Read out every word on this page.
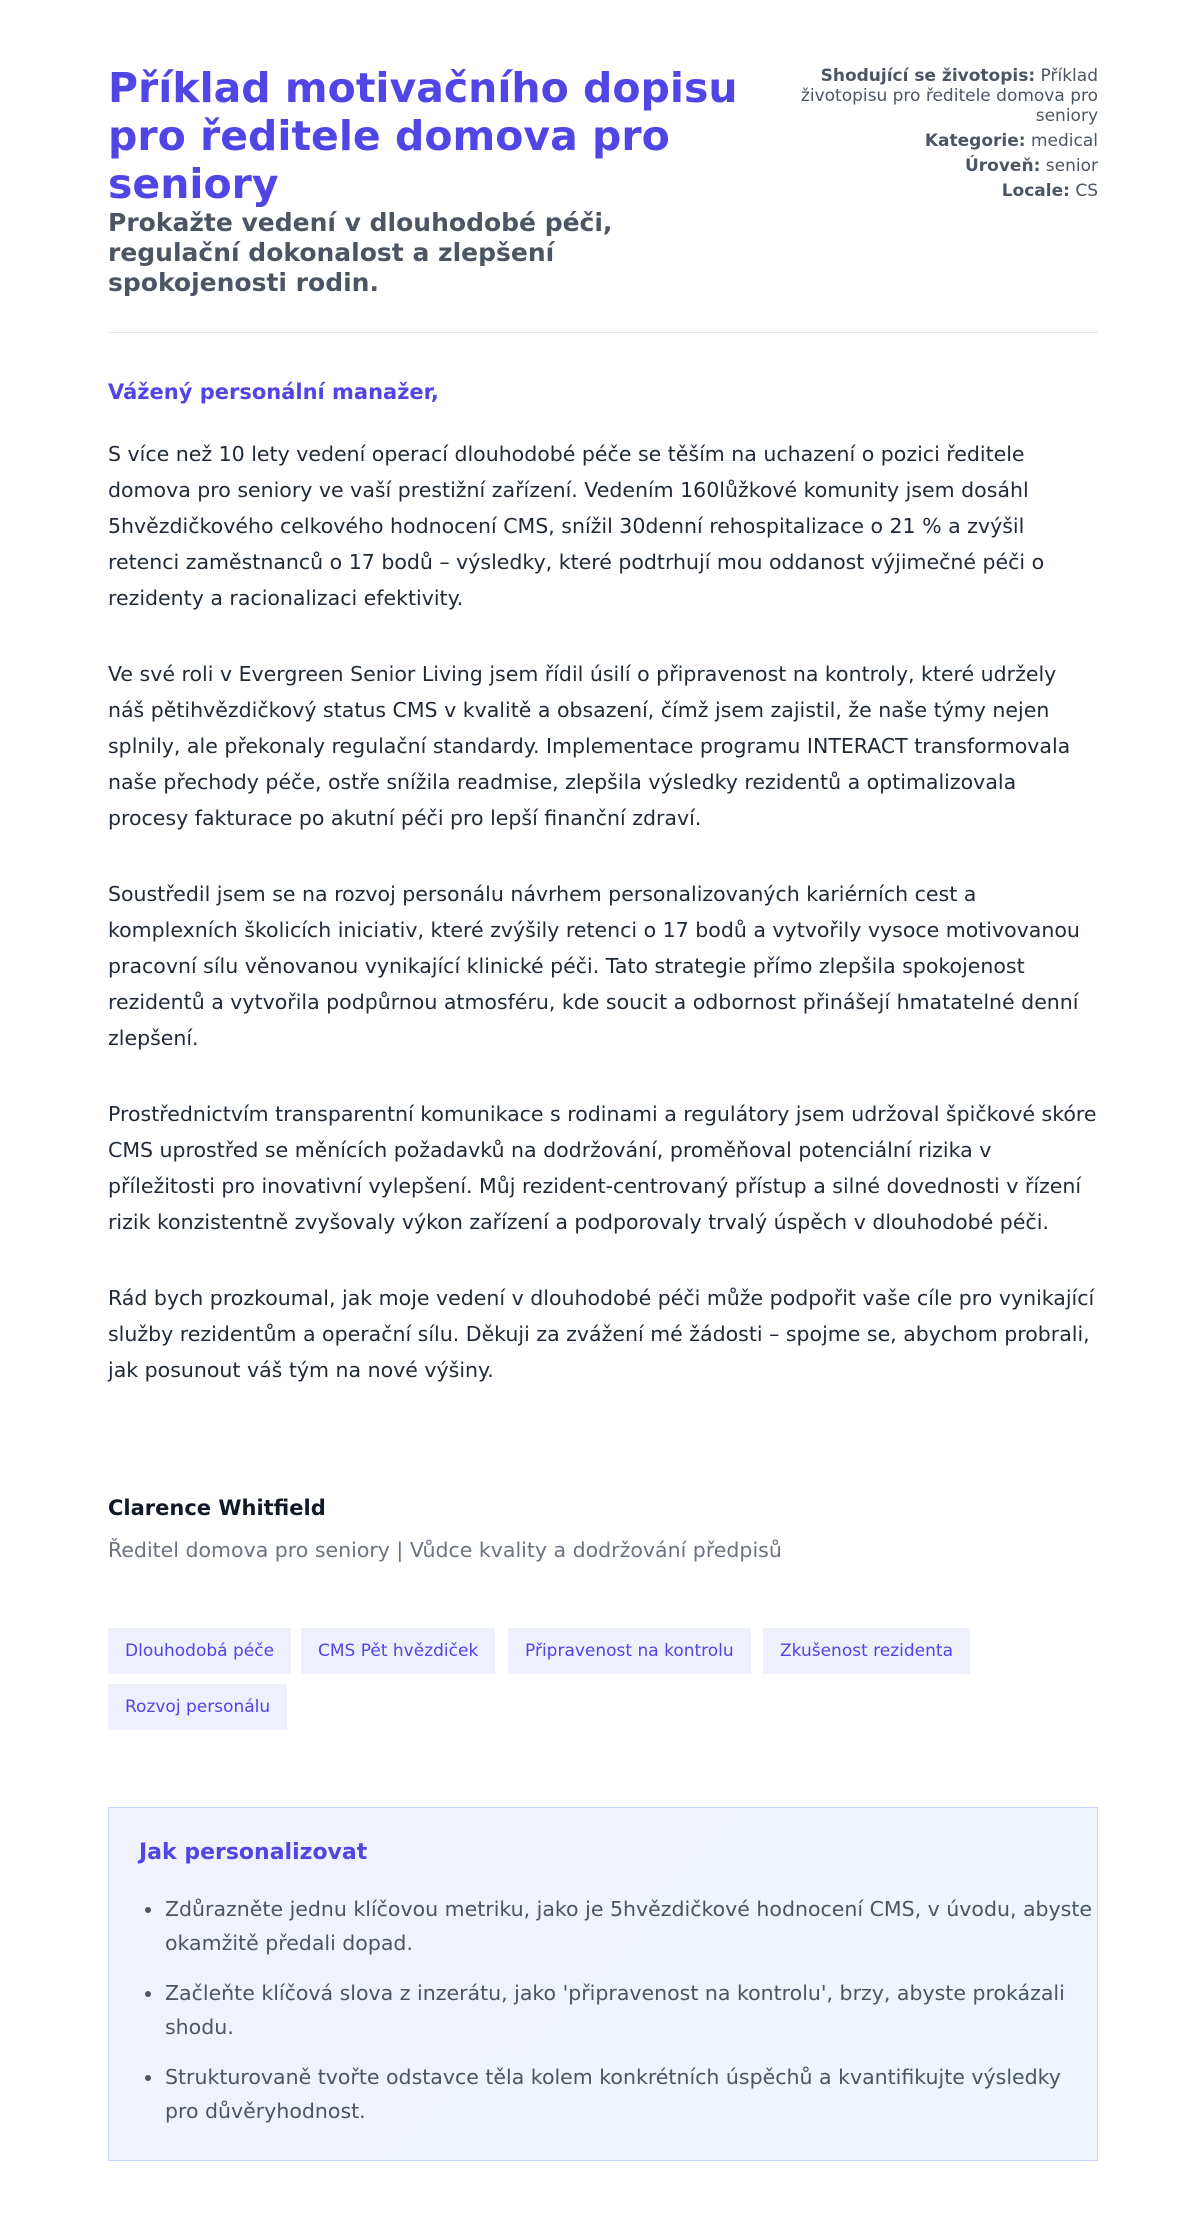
Příklad motivačního dopisu pro ředitele domova pro seniory
Prokažte vedení v dlouhodobé péči, regulační dokonalost a zlepšení spokojenosti rodin.
Shodující se životopis: Příklad životopisu pro ředitele domova pro seniory
Kategorie: medical
Úroveň: senior
Locale: CS

Vážený personální manažer,

S více než 10 lety vedení operací dlouhodobé péče se těším na uchazení o pozici ředitele domova pro seniory ve vaší prestižní zařízení. Vedením 160lůžkové komunity jsem dosáhl 5hvězdičkového celkového hodnocení CMS, snížil 30denní rehospitalizace o 21 % a zvýšil retenci zaměstnanců o 17 bodů – výsledky, které podtrhují mou oddanost výjimečné péči o rezidenty a racionalizaci efektivity.

Ve své roli v Evergreen Senior Living jsem řídil úsilí o připravenost na kontroly, které udržely náš pětihvězdičkový status CMS v kvalitě a obsazení, čímž jsem zajistil, že naše týmy nejen splnily, ale překonaly regulační standardy. Implementace programu INTERACT transformovala naše přechody péče, ostře snížila readmise, zlepšila výsledky rezidentů a optimalizovala procesy fakturace po akutní péči pro lepší finanční zdraví.

Soustředil jsem se na rozvoj personálu návrhem personalizovaných kariérních cest a komplexních školicích iniciativ, které zvýšily retenci o 17 bodů a vytvořily vysoce motivovanou pracovní sílu věnovanou vynikající klinické péči. Tato strategie přímo zlepšila spokojenost rezidentů a vytvořila podpůrnou atmosféru, kde soucit a odbornost přinášejí hmatatelné denní zlepšení.

Prostřednictvím transparentní komunikace s rodinami a regulátory jsem udržoval špičkové skóre CMS uprostřed se měnících požadavků na dodržování, proměňoval potenciální rizika v příležitosti pro inovativní vylepšení. Můj rezident-centrovaný přístup a silné dovednosti v řízení rizik konzistentně zvyšovaly výkon zařízení a podporovaly trvalý úspěch v dlouhodobé péči.

Rád bych prozkoumal, jak moje vedení v dlouhodobé péči může podpořit vaše cíle pro vynikající služby rezidentům a operační sílu. Děkuji za zvážení mé žádosti – spojme se, abychom probrali, jak posunout váš tým na nové výšiny.

Clarence Whitfield
Ředitel domova pro seniory | Vůdce kvality a dodržování předpisů
Dlouhodobá péče	CMS Pět hvězdiček	Připravenost na kontrolu	Zkušenost rezidenta
Rozvoj personálu
Jak personalizovat
Zdůrazněte jednu klíčovou metriku, jako je 5hvězdičkové hodnocení CMS, v úvodu, abyste okamžitě předali dopad.
Začleňte klíčová slova z inzerátu, jako 'připravenost na kontrolu', brzy, abyste prokázali shodu.
Strukturovaně tvořte odstavce těla kolem konkrétních úspěchů a kvantifikujte výsledky pro důvěryhodnost.
